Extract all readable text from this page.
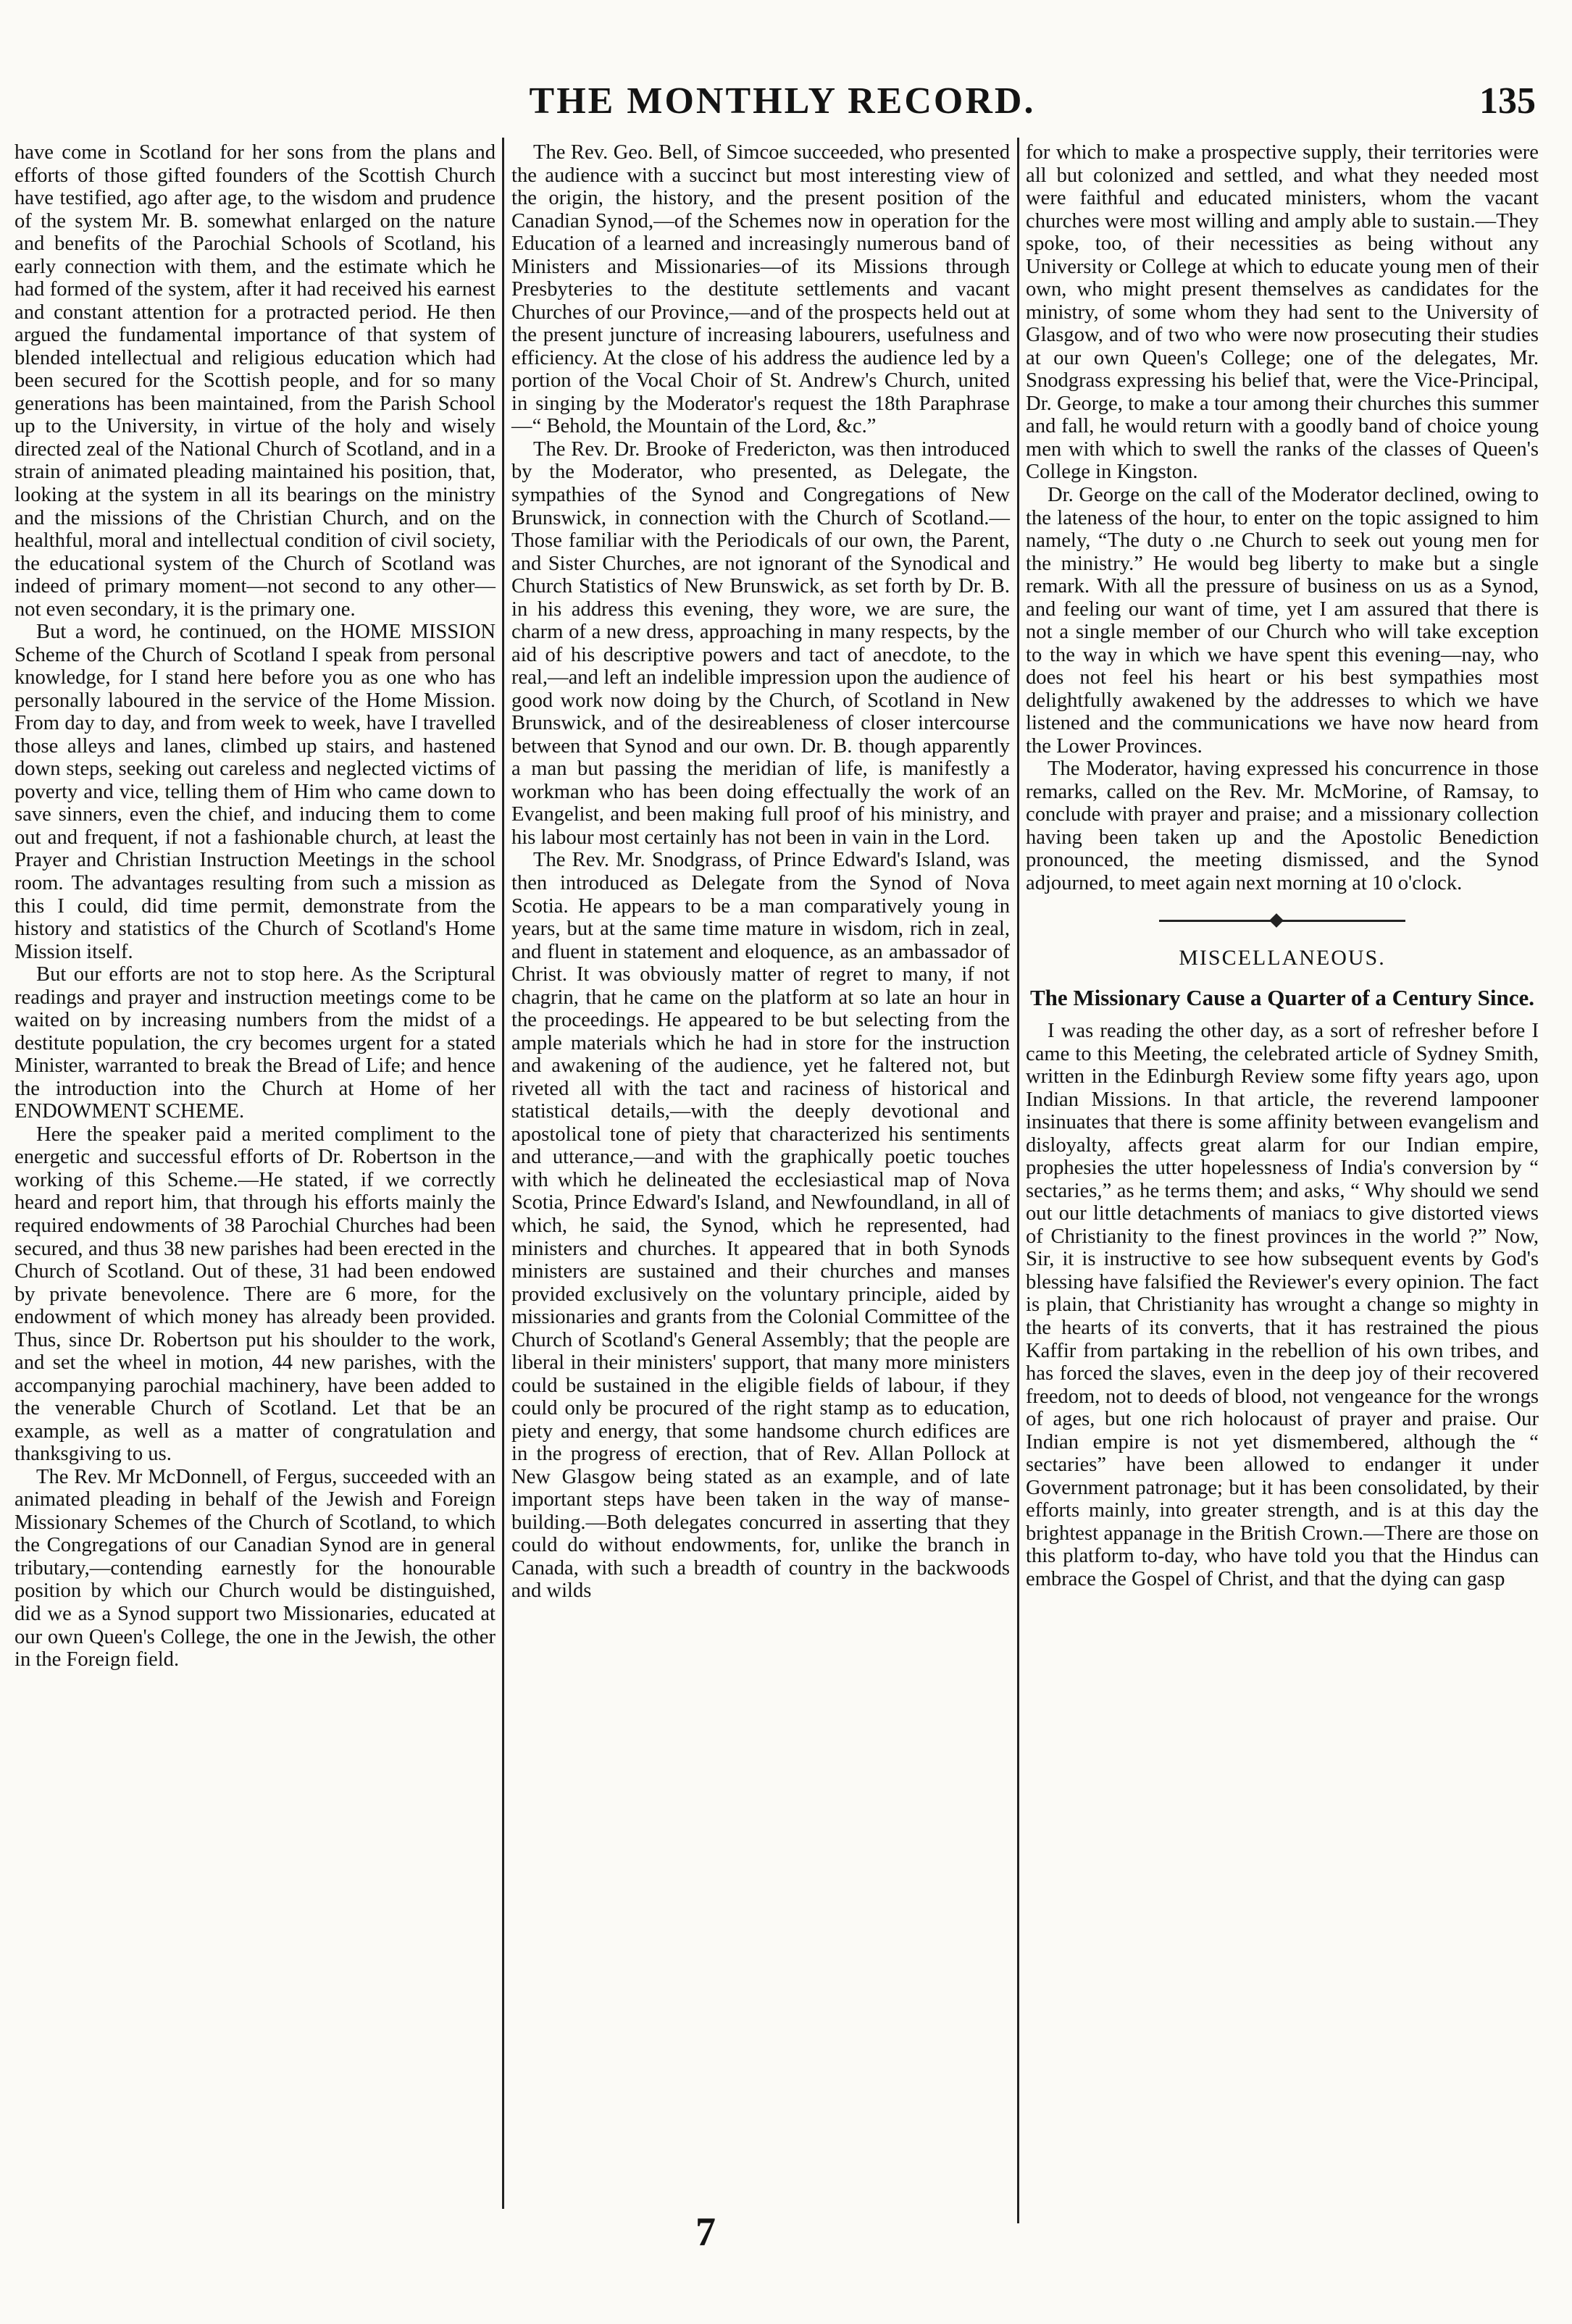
THE MONTHLY RECORD.	135

have come in Scotland for her sons from the plans and efforts of those gifted founders of the Scottish Church have testified, ago after age, to the wisdom and prudence of the system Mr. B. somewhat enlarged on the nature and benefits of the Parochial Schools of Scotland, his early connection with them, and the estimate which he had formed of the system, after it had received his earnest and constant attention for a protracted period. He then argued the fundamental importance of that system of blended intellectual and religious education which had been secured for the Scottish people, and for so many generations has been maintained, from the Parish School up to the University, in virtue of the holy and wisely directed zeal of the National Church of Scotland, and in a strain of animated pleading maintained his position, that, looking at the system in all its bearings on the ministry and the missions of the Christian Church, and on the healthful, moral and intellectual condition of civil society, the educational system of the Church of Scotland was indeed of primary moment—not second to any other—not even secondary, it is the primary one.

But a word, he continued, on the HOME MISSION Scheme of the Church of Scotland I speak from personal knowledge, for I stand here before you as one who has personally laboured in the service of the Home Mission. From day to day, and from week to week, have I travelled those alleys and lanes, climbed up stairs, and hastened down steps, seeking out careless and neglected victims of poverty and vice, telling them of Him who came down to save sinners, even the chief, and inducing them to come out and frequent, if not a fashionable church, at least the Prayer and Christian Instruction Meetings in the school room. The advantages resulting from such a mission as this I could, did time permit, demonstrate from the history and statistics of the Church of Scotland's Home Mission itself.

But our efforts are not to stop here. As the Scriptural readings and prayer and instruction meetings come to be waited on by increasing numbers from the midst of a destitute population, the cry becomes urgent for a stated Minister, warranted to break the Bread of Life; and hence the introduction into the Church at Home of her ENDOWMENT SCHEME.

Here the speaker paid a merited compliment to the energetic and successful efforts of Dr. Robertson in the working of this Scheme.—He stated, if we correctly heard and report him, that through his efforts mainly the required endowments of 38 Parochial Churches had been secured, and thus 38 new parishes had been erected in the Church of Scotland. Out of these, 31 had been endowed by private benevolence. There are 6 more, for the endowment of which money has already been provided. Thus, since Dr. Robertson put his shoulder to the work, and set the wheel in motion, 44 new parishes, with the accompanying parochial machinery, have been added to the venerable Church of Scotland. Let that be an example, as well as a matter of congratulation and thanksgiving to us.

The Rev. Mr McDonnell, of Fergus, succeeded with an animated pleading in behalf of the Jewish and Foreign Missionary Schemes of the Church of Scotland, to which the Congregations of our Canadian Synod are in general tributary,—contending earnestly for the honourable position by which our Church would be distinguished, did we as a Synod support two Missionaries, educated at our own Queen's College, the one in the Jewish, the other in the Foreign field.

The Rev. Geo. Bell, of Simcoe succeeded, who presented the audience with a succinct but most interesting view of the origin, the history, and the present position of the Canadian Synod,—of the Schemes now in operation for the Education of a learned and increasingly numerous band of Ministers and Missionaries—of its Missions through Presbyteries to the destitute settlements and vacant Churches of our Province,—and of the prospects held out at the present juncture of increasing labourers, usefulness and efficiency. At the close of his address the audience led by a portion of the Vocal Choir of St. Andrew's Church, united in singing by the Moderator's request the 18th Paraphrase—“ Behold, the Mountain of the Lord, &c.”

The Rev. Dr. Brooke of Fredericton, was then introduced by the Moderator, who presented, as Delegate, the sympathies of the Synod and Congregations of New Brunswick, in connection with the Church of Scotland.—Those familiar with the Periodicals of our own, the Parent, and Sister Churches, are not ignorant of the Synodical and Church Statistics of New Brunswick, as set forth by Dr. B. in his address this evening, they wore, we are sure, the charm of a new dress, approaching in many respects, by the aid of his descriptive powers and tact of anecdote, to the real,—and left an indelible impression upon the audience of good work now doing by the Church, of Scotland in New Brunswick, and of the desireableness of closer intercourse between that Synod and our own. Dr. B. though apparently a man but passing the meridian of life, is manifestly a workman who has been doing effectually the work of an Evangelist, and been making full proof of his ministry, and his labour most certainly has not been in vain in the Lord.

The Rev. Mr. Snodgrass, of Prince Edward's Island, was then introduced as Delegate from the Synod of Nova Scotia. He appears to be a man comparatively young in years, but at the same time mature in wisdom, rich in zeal, and fluent in statement and eloquence, as an ambassador of Christ. It was obviously matter of regret to many, if not chagrin, that he came on the platform at so late an hour in the proceedings. He appeared to be but selecting from the ample materials which he had in store for the instruction and awakening of the audience, yet he faltered not, but riveted all with the tact and raciness of historical and statistical details,—with the deeply devotional and apostolical tone of piety that characterized his sentiments and utterance,—and with the graphically poetic touches with which he delineated the ecclesiastical map of Nova Scotia, Prince Edward's Island, and Newfoundland, in all of which, he said, the Synod, which he represented, had ministers and churches. It appeared that in both Synods ministers are sustained and their churches and manses provided exclusively on the voluntary principle, aided by missionaries and grants from the Colonial Committee of the Church of Scotland's General Assembly; that the people are liberal in their ministers' support, that many more ministers could be sustained in the eligible fields of labour, if they could only be procured of the right stamp as to education, piety and energy, that some handsome church edifices are in the progress of erection, that of Rev. Allan Pollock at New Glasgow being stated as an example, and of late important steps have been taken in the way of manse-building.—Both delegates concurred in asserting that they could do without endowments, for, unlike the branch in Canada, with such a breadth of country in the backwoods and wilds

for which to make a prospective supply, their territories were all but colonized and settled, and what they needed most were faithful and educated ministers, whom the vacant churches were most willing and amply able to sustain.—They spoke, too, of their necessities as being without any University or College at which to educate young men of their own, who might present themselves as candidates for the ministry, of some whom they had sent to the University of Glasgow, and of two who were now prosecuting their studies at our own Queen's College; one of the delegates, Mr. Snodgrass expressing his belief that, were the Vice-Principal, Dr. George, to make a tour among their churches this summer and fall, he would return with a goodly band of choice young men with which to swell the ranks of the classes of Queen's College in Kingston.

Dr. George on the call of the Moderator declined, owing to the lateness of the hour, to enter on the topic assigned to him namely, “The duty o .ne Church to seek out young men for the ministry.” He would beg liberty to make but a single remark. With all the pressure of business on us as a Synod, and feeling our want of time, yet I am assured that there is not a single member of our Church who will take exception to the way in which we have spent this evening—nay, who does not feel his heart or his best sympathies most delightfully awakened by the addresses to which we have listened and the communications we have now heard from the Lower Provinces.

The Moderator, having expressed his concurrence in those remarks, called on the Rev. Mr. McMorine, of Ramsay, to conclude with prayer and praise; and a missionary collection having been taken up and the Apostolic Benediction pronounced, the meeting dismissed, and the Synod adjourned, to meet again next morning at 10 o'clock.

MISCELLANEOUS.
The Missionary Cause a Quarter of a Century Since.

I was reading the other day, as a sort of refresher before I came to this Meeting, the celebrated article of Sydney Smith, written in the Edinburgh Review some fifty years ago, upon Indian Missions. In that article, the reverend lampooner insinuates that there is some affinity between evangelism and disloyalty, affects great alarm for our Indian empire, prophesies the utter hopelessness of India's conversion by “ sectaries,” as he terms them; and asks, “ Why should we send out our little detachments of maniacs to give distorted views of Christianity to the finest provinces in the world ?” Now, Sir, it is instructive to see how subsequent events by God's blessing have falsified the Reviewer's every opinion. The fact is plain, that Christianity has wrought a change so mighty in the hearts of its converts, that it has restrained the pious Kaffir from partaking in the rebellion of his own tribes, and has forced the slaves, even in the deep joy of their recovered freedom, not to deeds of blood, not vengeance for the wrongs of ages, but one rich holocaust of prayer and praise. Our Indian empire is not yet dismembered, although the “ sectaries” have been allowed to endanger it under Government patronage; but it has been consolidated, by their efforts mainly, into greater strength, and is at this day the brightest appanage in the British Crown.—There are those on this platform to-day, who have told you that the Hindus can embrace the Gospel of Christ, and that the dying can gasp

7
